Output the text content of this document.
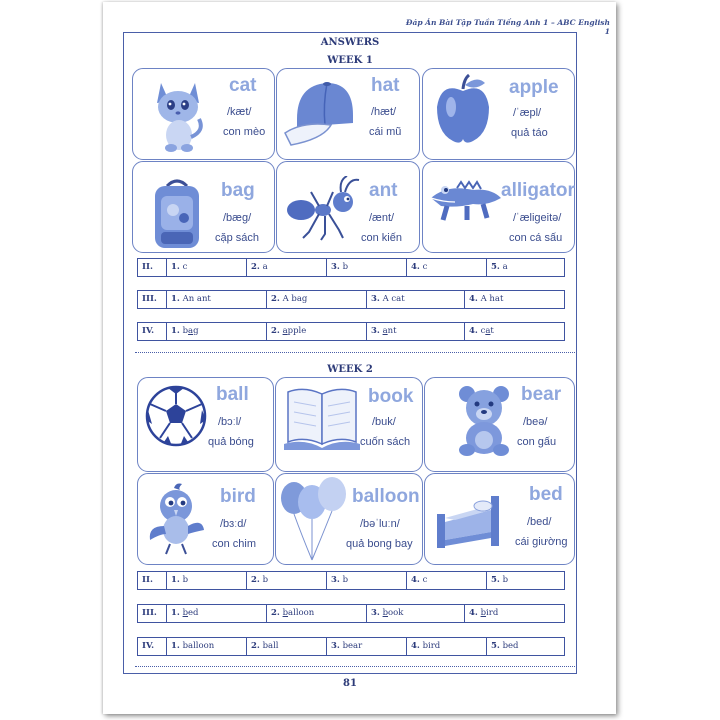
Đáp Án Bài Tập Tuần Tiếng Anh 1 – ABC English 1
ANSWERS
WEEK 1
cat
/kæt/
con mèo
hat
/hæt/
cái mũ
apple
/ˈæpl/
quả táo
bag
/bæg/
cặp sách
ant
/ænt/
con kiến
alligator
/ˈæligeitə/
con cá sấu
II.	1. c	2. a	3. b	4. c	5. a
III.	1. An ant	2. A bag	3. A cat	4. A hat
IV.	1. bag	2. apple	3. ant	4. cat
WEEK 2
ball
/bɔːl/
quả bóng
book
/buk/
cuốn sách
bear
/beə/
con gấu
bird
/bɜːd/
con chim
balloon
/bəˈluːn/
quả bong bay
bed
/bed/
cái giường
II.	1. b	2. b	3. b	4. c	5. b
III.	1. bed	2. balloon	3. book	4. bird
IV.	1. balloon	2. ball	3. bear	4. bird	5. bed
81
